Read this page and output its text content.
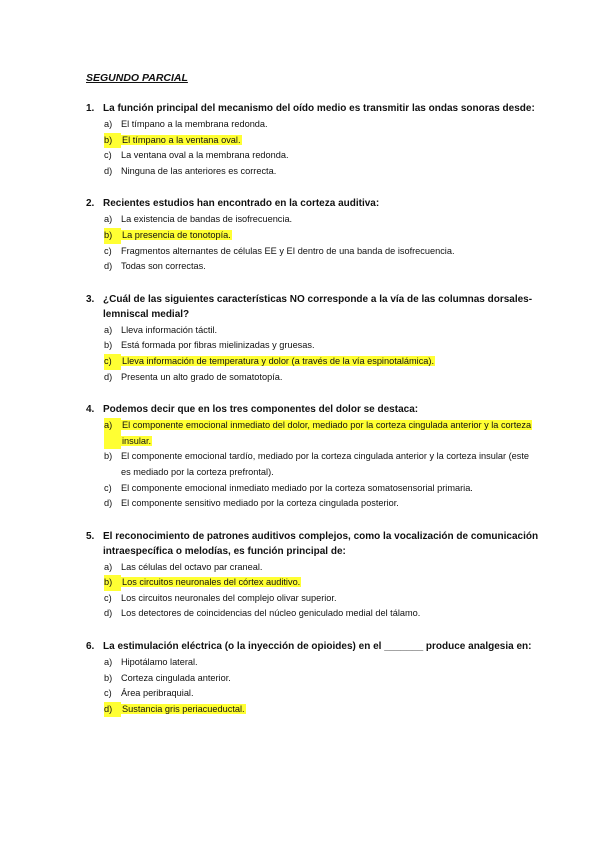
SEGUNDO PARCIAL
1. La función principal del mecanismo del oído medio es transmitir las ondas sonoras desde:
a) El tímpano a la membrana redonda.
b)	El tímpano a la ventana oval.
c)	La ventana oval a la membrana redonda.
d) Ninguna de las anteriores es correcta.
2. Recientes estudios han encontrado en la corteza auditiva:
a) La existencia de bandas de isofrecuencia.
b)	La presencia de tonotopía.
c)	Fragmentos alternantes de células EE y EI dentro de una banda de isofrecuencia.
d) Todas son correctas.
3. ¿Cuál de las siguientes características NO corresponde a la vía de las columnas dorsales-lemniscal medial?
a) Lleva información táctil.
b) Está formada por fibras mielinizadas y gruesas.
c)	Lleva información de temperatura y dolor (a través de la vía espinotalámica).
d) Presenta un alto grado de somatotopía.
4. Podemos decir que en los tres componentes del dolor se destaca:
a)	El componente emocional inmediato del dolor, mediado por la corteza cingulada anterior y la corteza insular.
b) El componente emocional tardío, mediado por la corteza cingulada anterior y la corteza insular (este es mediado por la corteza prefrontal).
c)	El componente emocional inmediato mediado por la corteza somatosensorial primaria.
d) El componente sensitivo mediado por la corteza cingulada posterior.
5. El reconocimiento de patrones auditivos complejos, como la vocalización de comunicación intraespecífica o melodías, es función principal de:
a) Las células del octavo par craneal.
b)	Los circuitos neuronales del córtex auditivo.
c)	Los circuitos neuronales del complejo olivar superior.
d) Los detectores de coincidencias del núcleo geniculado medial del tálamo.
6. La estimulación eléctrica (o la inyección de opioides) en el _______ produce analgesia en:
a) Hipotálamo lateral.
b) Corteza cingulada anterior.
c)	Área peribraquial.
d)	Sustancia gris periacueductal.
